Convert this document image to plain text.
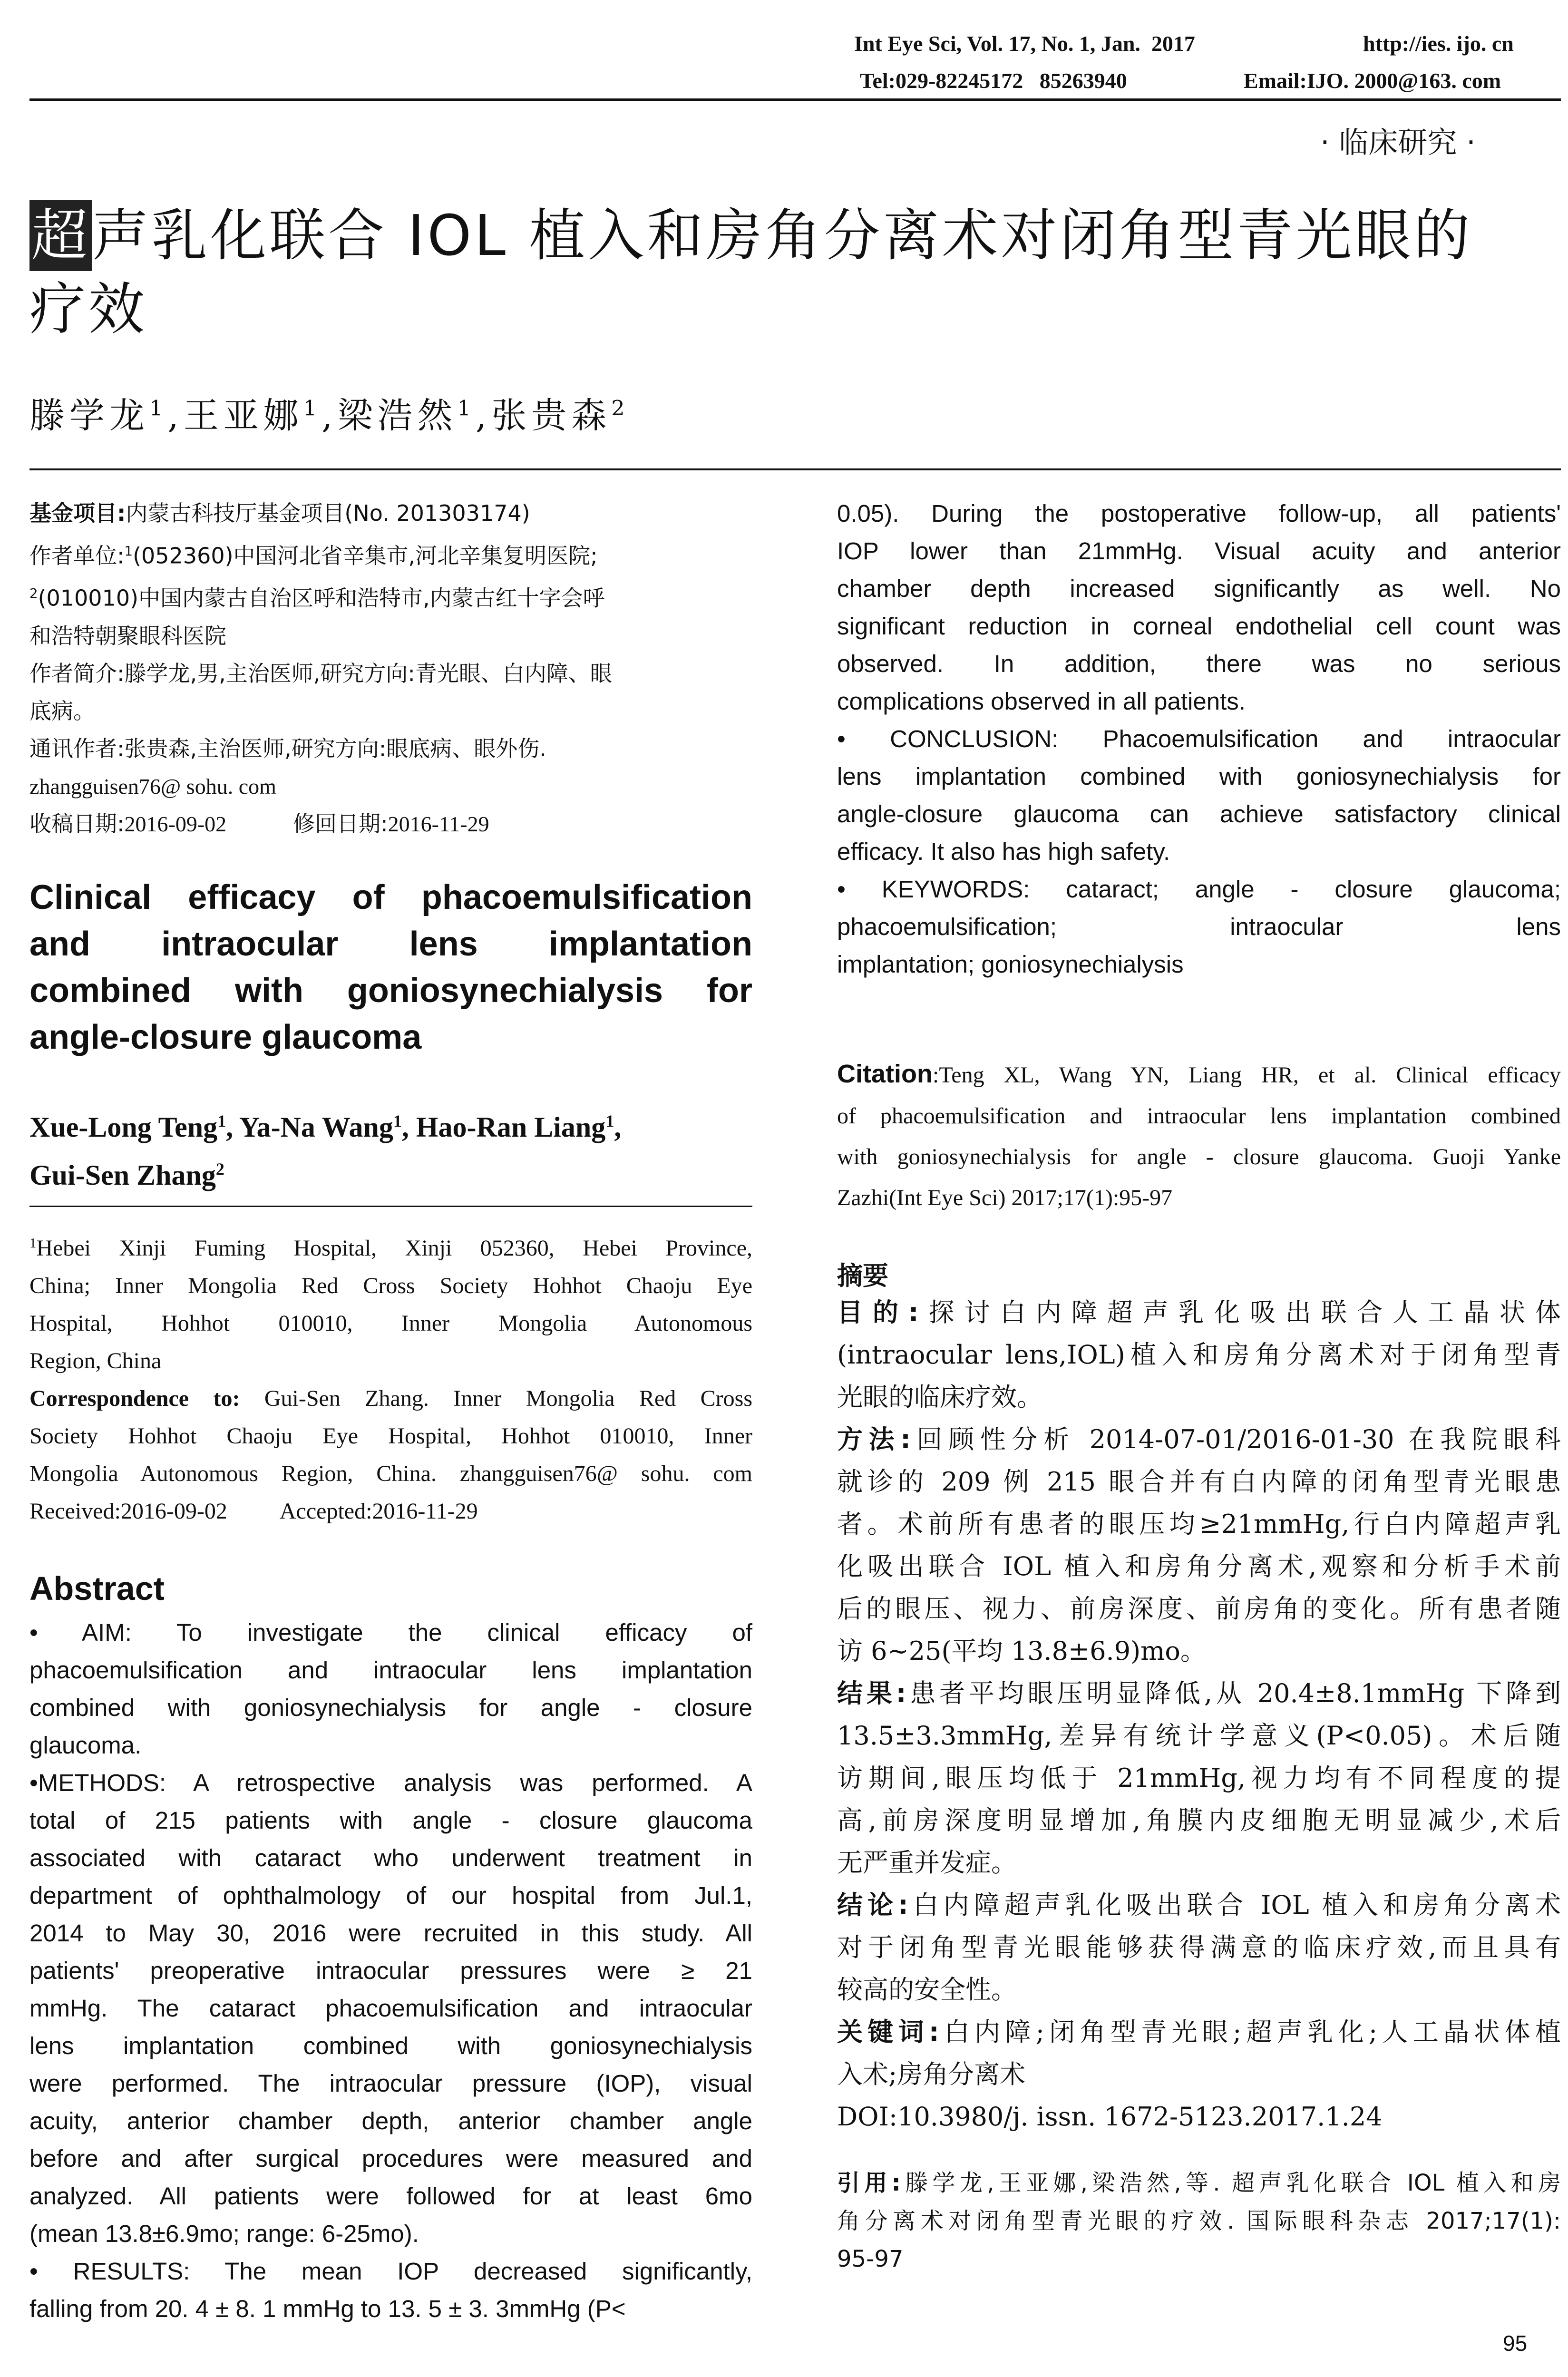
Int Eye Sci, Vol. 17, No. 1, Jan.  2017	http://ies. ijo. cn
Tel:029-82245172   85263940	Email:IJO. 2000@163. com
· 临床研究 ·
超声乳化联合 IOL 植入和房角分离术对闭角型青光眼的
疗效
滕学龙$^1$,王亚娜$^1$,梁浩然$^1$,张贵森$^2$

基金项目:内蒙古科技厅基金项目(No. 201303174)

作者单位:$^1$(052360)中国河北省辛集市,河北辛集复明医院;

$^2$(010010)中国内蒙古自治区呼和浩特市,内蒙古红十字会呼

和浩特朝聚眼科医院

作者简介:滕学龙,男,主治医师,研究方向:青光眼、白内障、眼

底病。

通讯作者:张贵森,主治医师,研究方向:眼底病、眼外伤.

zhangguisen76@ sohu. com

收稿日期:2016-09-02	修回日期:2016-11-29

Clinical efficacy of phacoemulsification
and intraocular lens implantation
combined with goniosynechialysis for
angle-closure glaucoma
Xue-Long Teng$^1$, Ya-Na Wang$^1$, Hao-Ran Liang$^1$,
Gui-Sen Zhang$^2$
$^1$Hebei Xinji Fuming Hospital, Xinji 052360, Hebei Province,
China; Inner Mongolia Red Cross Society Hohhot Chaoju Eye
Hospital, Hohhot 010010, Inner Mongolia Autonomous
Region, China
Correspondence to: Gui-Sen Zhang. Inner Mongolia Red Cross
Society Hohhot Chaoju Eye Hospital, Hohhot 010010, Inner
Mongolia Autonomous Region, China. zhangguisen76@ sohu. com
Received:2016-09-02 Accepted:2016-11-29
Abstract
• AIM: To investigate the clinical efficacy of
phacoemulsification and intraocular lens implantation
combined with goniosynechialysis for angle - closure
glaucoma.
•METHODS: A retrospective analysis was performed. A
total of 215 patients with angle - closure glaucoma
associated with cataract who underwent treatment in
department of ophthalmology of our hospital from Jul.1,
2014 to May 30, 2016 were recruited in this study. All
patients' preoperative intraocular pressures were ≥ 21
mmHg. The cataract phacoemulsification and intraocular
lens implantation combined with goniosynechialysis
were performed. The intraocular pressure (IOP), visual
acuity, anterior chamber depth, anterior chamber angle
before and after surgical procedures were measured and
analyzed. All patients were followed for at least 6mo
(mean 13.8±6.9mo; range: 6-25mo).
• RESULTS: The mean IOP decreased significantly,
falling from 20. 4 ± 8. 1 mmHg to 13. 5 ± 3. 3mmHg (P<
0.05). During the postoperative follow-up, all patients'
IOP lower than 21mmHg. Visual acuity and anterior
chamber depth increased significantly as well. No
significant reduction in corneal endothelial cell count was
observed. In addition, there was no serious
complications observed in all patients.
• CONCLUSION: Phacoemulsification and intraocular
lens implantation combined with goniosynechialysis for
angle-closure glaucoma can achieve satisfactory clinical
efficacy. It also has high safety.
• KEYWORDS: cataract; angle - closure glaucoma;
phacoemulsification; intraocular lens
implantation; goniosynechialysis
Citation:Teng XL, Wang YN, Liang HR, et al. Clinical efficacy
of phacoemulsification and intraocular lens implantation combined
with goniosynechialysis for angle - closure glaucoma. Guoji Yanke
Zazhi(Int Eye Sci) 2017;17(1):95-97
摘要
目的:探讨白内障超声乳化吸出联合人工晶状体
(intraocular lens,IOL)植入和房角分离术对于闭角型青
光眼的临床疗效。
方法:回顾性分析 2014-07-01/2016-01-30 在我院眼科
就诊的 209 例 215 眼合并有白内障的闭角型青光眼患
者。术前所有患者的眼压均≥21mmHg,行白内障超声乳
化吸出联合 IOL 植入和房角分离术,观察和分析手术前
后的眼压、视力、前房深度、前房角的变化。所有患者随
访 6~25(平均 13.8±6.9)mo。
结果:患者平均眼压明显降低,从 20.4±8.1mmHg 下降到
13.5±3.3mmHg,差异有统计学意义(P<0.05)。术后随
访期间,眼压均低于 21mmHg,视力均有不同程度的提
高,前房深度明显增加,角膜内皮细胞无明显减少,术后
无严重并发症。
结论:白内障超声乳化吸出联合 IOL 植入和房角分离术
对于闭角型青光眼能够获得满意的临床疗效,而且具有
较高的安全性。
关键词:白内障;闭角型青光眼;超声乳化;人工晶状体植
入术;房角分离术
DOI:10.3980/j. issn. 1672-5123.2017.1.24
引用:滕学龙,王亚娜,梁浩然,等. 超声乳化联合 IOL 植入和房
角分离术对闭角型青光眼的疗效. 国际眼科杂志 2017;17(1):
95-97
95
